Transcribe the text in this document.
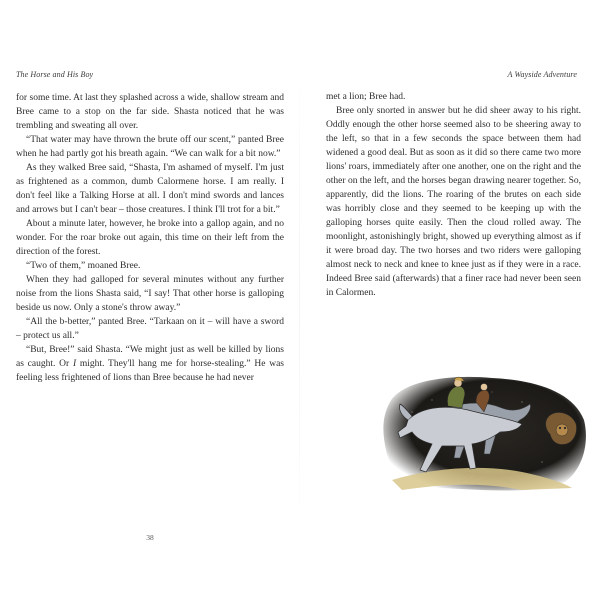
The Horse and His Boy

for some time. At last they splashed across a wide, shallow stream and Bree came to a stop on the far side. Shasta noticed that he was trembling and sweating all over.

“That water may have thrown the brute off our scent,” panted Bree when he had partly got his breath again. “We can walk for a bit now.”

As they walked Bree said, “Shasta, I'm ashamed of myself. I'm just as frightened as a common, dumb Calormene horse. I am really. I don't feel like a Talking Horse at all. I don't mind swords and lances and arrows but I can't bear – those creatures. I think I'll trot for a bit.”

About a minute later, however, he broke into a gallop again, and no wonder. For the roar broke out again, this time on their left from the direction of the forest.

“Two of them,” moaned Bree.

When they had galloped for several minutes without any further noise from the lions Shasta said, “I say! That other horse is galloping beside us now. Only a stone's throw away.”

“All the b-better,” panted Bree. “Tarkaan on it – will have a sword – protect us all.”

“But, Bree!” said Shasta. “We might just as well be killed by lions as caught. Or I might. They'll hang me for horse-stealing.” He was feeling less frightened of lions than Bree because he had never

38
A Wayside Adventure

met a lion; Bree had.

Bree only snorted in answer but he did sheer away to his right. Oddly enough the other horse seemed also to be sheering away to the left, so that in a few seconds the space between them had widened a good deal. But as soon as it did so there came two more lions' roars, immediately after one another, one on the right and the other on the left, and the horses began drawing nearer together. So, apparently, did the lions. The roaring of the brutes on each side was horribly close and they seemed to be keeping up with the galloping horses quite easily. Then the cloud rolled away. The moonlight, astonishingly bright, showed up everything almost as if it were broad day. The two horses and two riders were galloping almost neck to neck and knee to knee just as if they were in a race. Indeed Bree said (afterwards) that a finer race had never been seen in Calormen.
